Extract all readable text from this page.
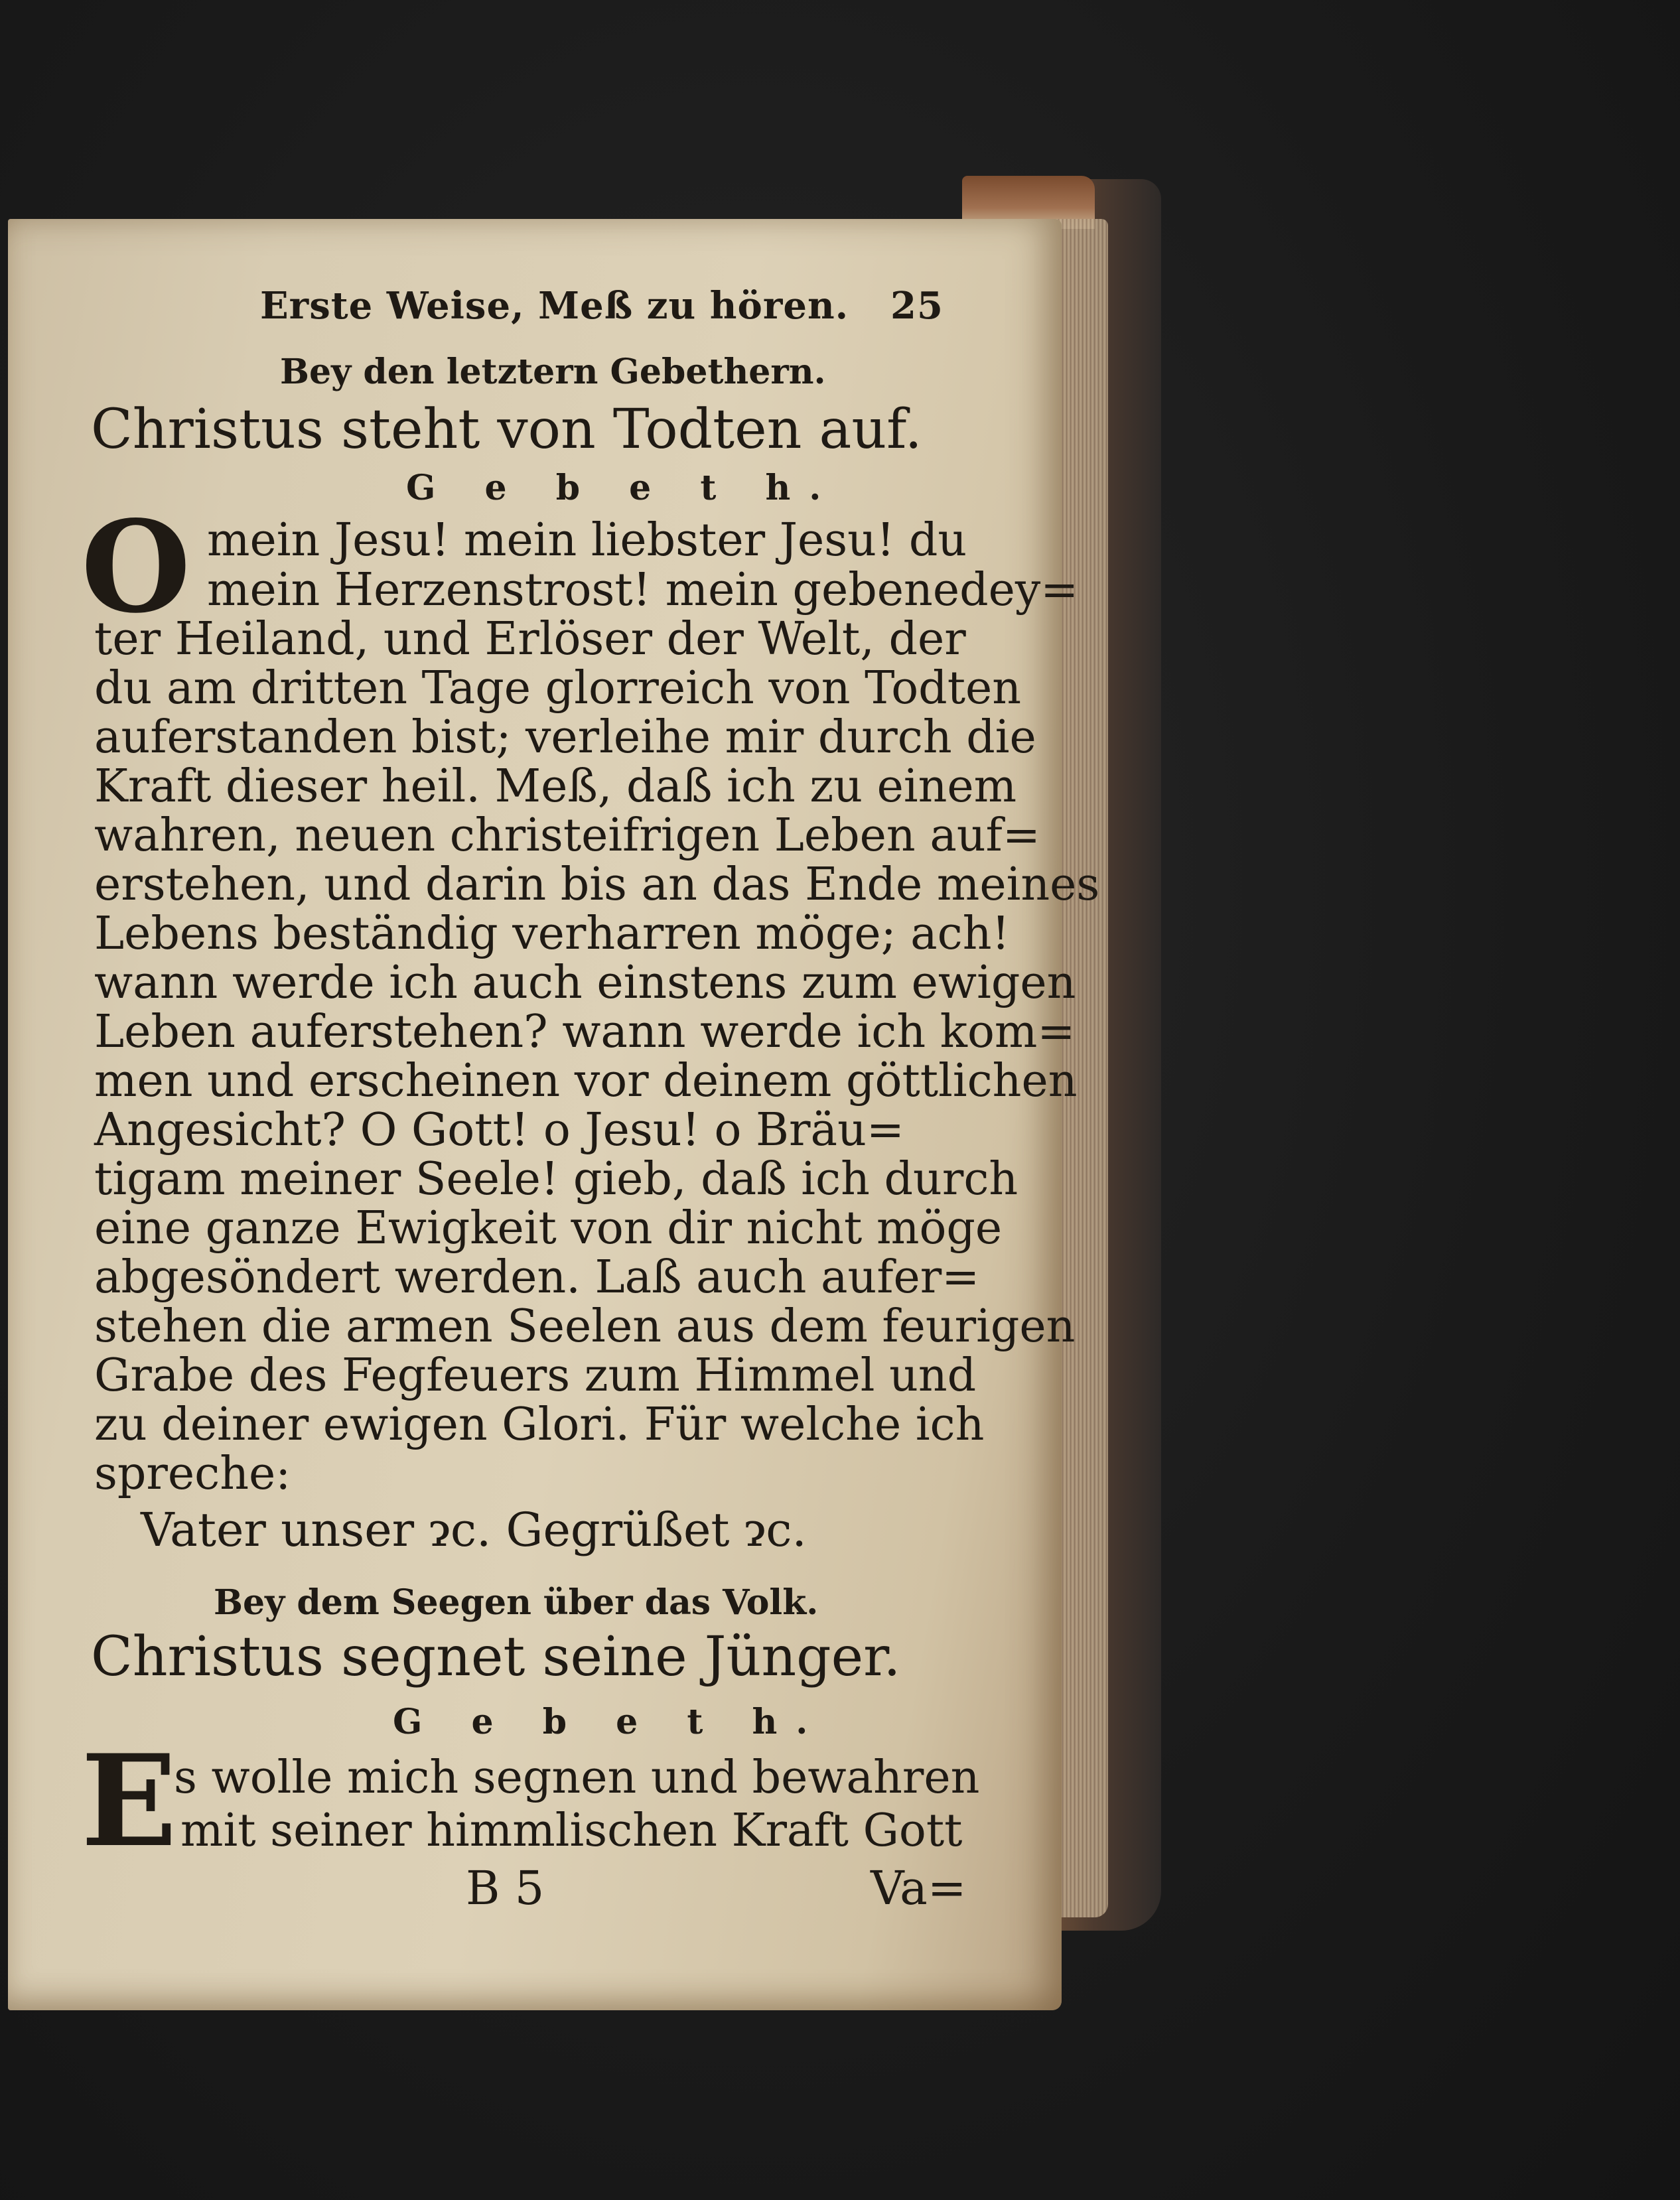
Erste Weise, Meß zu hören. 25
Bey den letztern Gebethern.
Christus steht von Todten auf.
G e b e t h.
O mein Jesu! mein liebster Jesu! du
mein Herzenstrost! mein gebenedey=
ter Heiland, und Erlöser der Welt, der
du am dritten Tage glorreich von Todten
auferstanden bist; verleihe mir durch die
Kraft dieser heil. Meß, daß ich zu einem
wahren, neuen christeifrigen Leben auf=
erstehen, und darin bis an das Ende meines
Lebens beständig verharren möge; ach!
wann werde ich auch einstens zum ewigen
Leben auferstehen? wann werde ich kom=
men und erscheinen vor deinem göttlichen
Angesicht? O Gott! o Jesu! o Bräu=
tigam meiner Seele! gieb, daß ich durch
eine ganze Ewigkeit von dir nicht möge
abgesöndert werden. Laß auch aufer=
stehen die armen Seelen aus dem feurigen
Grabe des Fegfeuers zum Himmel und
zu deiner ewigen Glori. Für welche ich
spreche:
Vater unser ɂc. Gegrüßet ɂc.
Bey dem Seegen über das Volk.
Christus segnet seine Jünger.
G e b e t h.
E
s wolle mich segnen und bewahren
mit seiner himmlischen Kraft Gott
B 5	Va=
